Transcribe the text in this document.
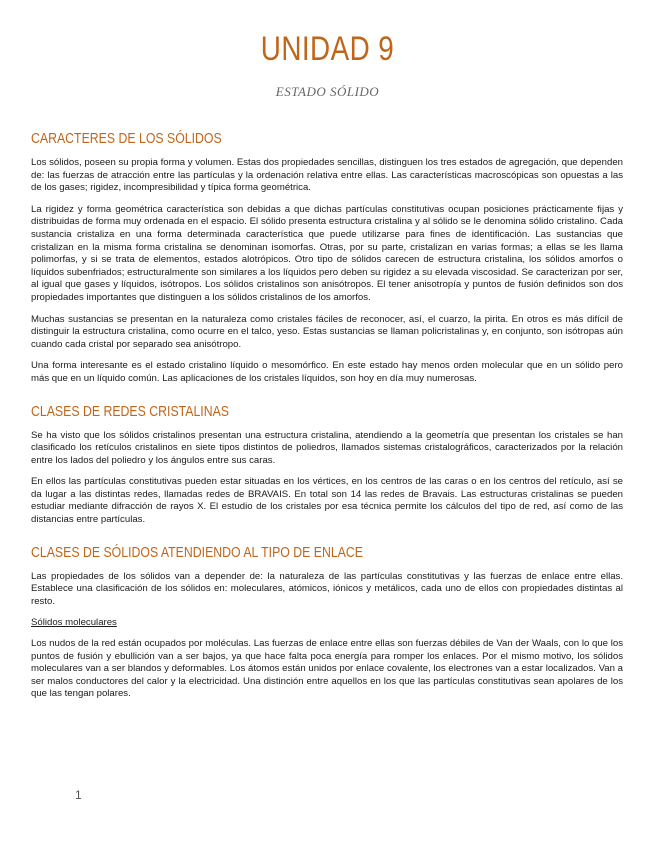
UNIDAD 9
ESTADO SÓLIDO
CARACTERES DE LOS SÓLIDOS

Los sólidos, poseen su propia forma y volumen. Estas dos propiedades sencillas, distinguen los tres estados de agregación, que dependen de: las fuerzas de atracción entre las partículas y la ordenación relativa entre ellas. Las características macroscópicas son opuestas a las de los gases; rigidez, incompresibilidad y típica forma geométrica.

La rigidez y forma geométrica característica son debidas a que dichas partículas constitutivas ocupan posiciones prácticamente fijas y distribuidas de forma muy ordenada en el espacio. El sólido presenta estructura cristalina y al sólido se le denomina sólido cristalino. Cada sustancia cristaliza en una forma determinada característica que puede utilizarse para fines de identificación. Las sustancias que cristalizan en la misma forma cristalina se denominan isomorfas. Otras, por su parte, cristalizan en varias formas; a ellas se les llama polimorfas, y si se trata de elementos, estados alotrópicos. Otro tipo de sólidos carecen de estructura cristalina, los sólidos amorfos o líquidos subenfriados; estructuralmente son similares a los líquidos pero deben su rigidez a su elevada viscosidad. Se caracterizan por ser, al igual que gases y líquidos, isótropos. Los sólidos cristalinos son anisótropos. El tener anisotropía y puntos de fusión definidos son dos propiedades importantes que distinguen a los sólidos cristalinos de los amorfos.

Muchas sustancias se presentan en la naturaleza como cristales fáciles de reconocer, así, el cuarzo, la pirita. En otros es más difícil de distinguir la estructura cristalina, como ocurre en el talco, yeso. Estas sustancias se llaman policristalinas y, en conjunto, son isótropas aún cuando cada cristal por separado sea anisótropo.

Una forma interesante es el estado cristalino líquido o mesomórfico. En este estado hay menos orden molecular que en un sólido pero más que en un líquido común. Las aplicaciones de los cristales líquidos, son hoy en día muy numerosas.

CLASES DE REDES CRISTALINAS

Se ha visto que los sólidos cristalinos presentan una estructura cristalina, atendiendo a la geometría que presentan los cristales se han clasificado los retículos cristalinos en siete tipos distintos de poliedros, llamados sistemas cristalográficos, caracterizados por la relación entre los lados del poliedro y los ángulos entre sus caras.

En ellos las partículas constitutivas pueden estar situadas en los vértices, en los centros de las caras o en los centros del retículo, así se da lugar a las distintas redes, llamadas redes de BRAVAIS. En total son 14 las redes de Bravais. Las estructuras cristalinas se pueden estudiar mediante difracción de rayos X. El estudio de los cristales por esa técnica permite los cálculos del tipo de red, así como de las distancias entre partículas.

CLASES DE SÓLIDOS ATENDIENDO AL TIPO DE ENLACE

Las propiedades de los sólidos van a depender de: la naturaleza de las partículas constitutivas y las fuerzas de enlace entre ellas. Establece una clasificación de los sólidos en: moleculares, atómicos, iónicos y metálicos, cada uno de ellos con propiedades distintas al resto.

Sólidos moleculares

Los nudos de la red están ocupados por moléculas. Las fuerzas de enlace entre ellas son fuerzas débiles de Van der Waals, con lo que los puntos de fusión y ebullición van a ser bajos, ya que hace falta poca energía para romper los enlaces. Por el mismo motivo, los sólidos moleculares van a ser blandos y deformables. Los átomos están unidos por enlace covalente, los electrones van a estar localizados. Van a ser malos conductores del calor y la electricidad. Una distinción entre aquellos en los que las partículas constitutivas sean apolares de los que las tengan polares.

1
